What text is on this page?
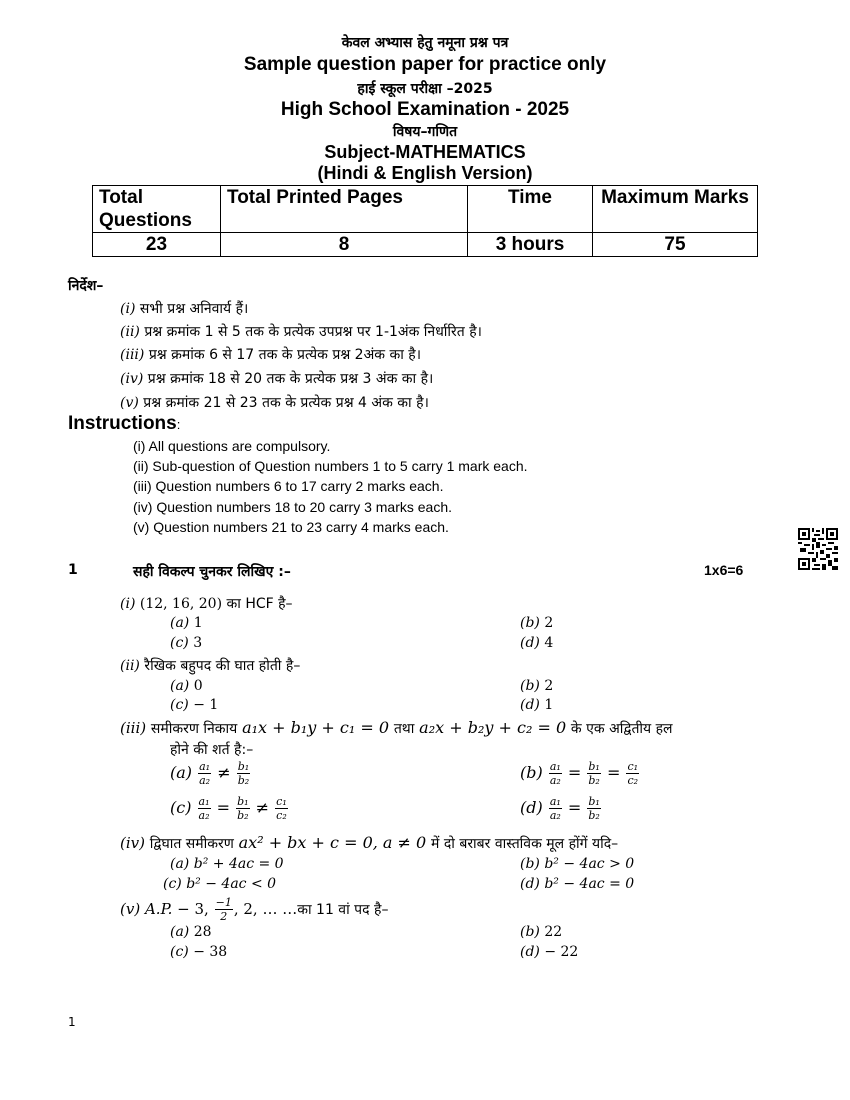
केवल अभ्यास हेतु नमूना प्रश्न पत्र
Sample question paper for practice only
हाई स्कूल परीक्षा –2025
High School Examination - 2025
विषय–गणित
Subject-MATHEMATICS
(Hindi & English Version)
Total Questions	Total Printed Pages	Time	Maximum Marks
23	8	3 hours	75
निर्देश–
(i) सभी प्रश्न अनिवार्य हैं।
(ii) प्रश्न क्रमांक 1 से 5 तक के प्रत्येक उपप्रश्न पर 1-1अंक निर्धारित है।
(iii) प्रश्न क्रमांक 6 से 17 तक के प्रत्येक प्रश्न 2अंक का है।
(iv) प्रश्न क्रमांक 18 से 20 तक के प्रत्येक प्रश्न 3 अंक का है।
(v) प्रश्न क्रमांक 21 से 23 तक के प्रत्येक प्रश्न 4 अंक का है।
Instructions:
(i) All questions are compulsory.
(ii) Sub-question of Question numbers 1 to 5 carry 1 mark each.
(iii) Question numbers 6 to 17 carry 2 marks each.
(iv) Question numbers 18 to 20 carry 3 marks each.
(v) Question numbers 21 to 23 carry 4 marks each.
1	सही विकल्प चुनकर लिखिए :–	1x6=6
(i) (12, 16, 20) का HCF है–
(a) 1	(b) 2
(c) 3	(d) 4
(ii) रैखिक बहुपद की घात होती है–
(a) 0	(b) 2
(c) − 1	(d) 1
(iii) समीकरण निकाय a₁x + b₁y + c₁ = 0 तथा a₂x + b₂y + c₂ = 0 के एक अद्वितीय हल
होने की शर्त है:–
$(a) \frac{\text{a₁}}{\text{a₂}} \ne \frac{\text{b₁}}{\text{b₂}}$	$(b) \frac{\text{a₁}}{\text{a₂}} = \frac{\text{b₁}}{\text{b₂}} = \frac{\text{c₁}}{\text{c₂}}$
$(c) \frac{\text{a₁}}{\text{a₂}} = \frac{\text{b₁}}{\text{b₂}} \ne \frac{\text{c₁}}{\text{c₂}}$	$(d) \frac{\text{a₁}}{\text{a₂}} = \frac{\text{b₁}}{\text{b₂}}$
(iv) द्विघात समीकरण ax² + bx + c = 0, a ≠ 0 में दो बराबर वास्तविक मूल होंगें यदि–
(a) b² + 4ac = 0	(b) b² − 4ac > 0
(c) b² − 4ac < 0	(d) b² − 4ac = 0
(v) A.P. − 3, $\frac{-1}{2}$ , 2, … …का 11 वां पद है–
(a) 28	(b) 22
(c) − 38	(d) − 22
1
